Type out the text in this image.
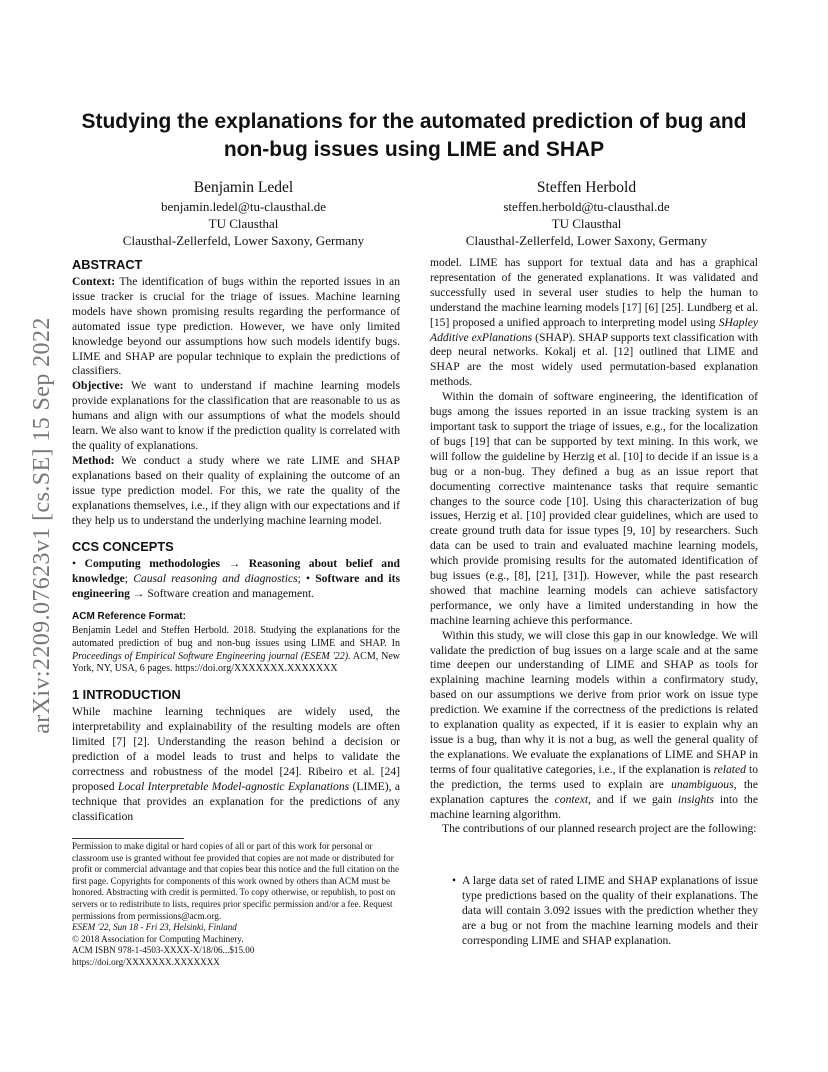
arXiv:2209.07623v1 [cs.SE] 15 Sep 2022
Studying the explanations for the automated prediction of bug and non-bug issues using LIME and SHAP
Benjamin Ledel
benjamin.ledel@tu-clausthal.de
TU Clausthal
Clausthal-Zellerfeld, Lower Saxony, Germany
Steffen Herbold
steffen.herbold@tu-clausthal.de
TU Clausthal
Clausthal-Zellerfeld, Lower Saxony, Germany
ABSTRACT

Context: The identification of bugs within the reported issues in an issue tracker is crucial for the triage of issues. Machine learning models have shown promising results regarding the performance of automated issue type prediction. However, we have only limited knowledge beyond our assumptions how such models identify bugs. LIME and SHAP are popular technique to explain the predictions of classifiers.

Objective: We want to understand if machine learning models provide explanations for the classification that are reasonable to us as humans and align with our assumptions of what the models should learn. We also want to know if the prediction quality is correlated with the quality of explanations.

Method: We conduct a study where we rate LIME and SHAP explanations based on their quality of explaining the outcome of an issue type prediction model. For this, we rate the quality of the explanations themselves, i.e., if they align with our expectations and if they help us to understand the underlying machine learning model.

CCS CONCEPTS

• Computing methodologies → Reasoning about belief and knowledge; Causal reasoning and diagnostics; • Software and its engineering → Software creation and management.

ACM Reference Format:

Benjamin Ledel and Steffen Herbold. 2018. Studying the explanations for the automated prediction of bug and non-bug issues using LIME and SHAP. In Proceedings of Empirical Software Engineering journal (ESEM '22). ACM, New York, NY, USA, 6 pages. https://doi.org/XXXXXXX.XXXXXXX

1 INTRODUCTION

While machine learning techniques are widely used, the interpretability and explainability of the resulting models are often limited [7] [2]. Understanding the reason behind a decision or prediction of a model leads to trust and helps to validate the correctness and robustness of the model [24]. Ribeiro et al. [24] proposed Local Interpretable Model-agnostic Explanations (LIME), a technique that provides an explanation for the predictions of any classification

Permission to make digital or hard copies of all or part of this work for personal or classroom use is granted without fee provided that copies are not made or distributed for profit or commercial advantage and that copies bear this notice and the full citation on the first page. Copyrights for components of this work owned by others than ACM must be honored. Abstracting with credit is permitted. To copy otherwise, or republish, to post on servers or to redistribute to lists, requires prior specific permission and/or a fee. Request permissions from permissions@acm.org.
ESEM '22, Sun 18 - Fri 23, Helsinki, Finland
© 2018 Association for Computing Machinery.
ACM ISBN 978-1-4503-XXXX-X/18/06...$15.00
https://doi.org/XXXXXXX.XXXXXXX

model. LIME has support for textual data and has a graphical representation of the generated explanations. It was validated and successfully used in several user studies to help the human to understand the machine learning models [17] [6] [25]. Lundberg et al. [15] proposed a unified approach to interpreting model using SHapley Additive exPlanations (SHAP). SHAP supports text classification with deep neural networks. Kokalj et al. [12] outlined that LIME and SHAP are the most widely used permutation-based explanation methods.

Within the domain of software engineering, the identification of bugs among the issues reported in an issue tracking system is an important task to support the triage of issues, e.g., for the localization of bugs [19] that can be supported by text mining. In this work, we will follow the guideline by Herzig et al. [10] to decide if an issue is a bug or a non-bug. They defined a bug as an issue report that documenting corrective maintenance tasks that require semantic changes to the source code [10]. Using this characterization of bug issues, Herzig et al. [10] provided clear guidelines, which are used to create ground truth data for issue types [9, 10] by researchers. Such data can be used to train and evaluated machine learning models, which provide promising results for the automated identification of bug issues (e.g., [8], [21], [31]). However, while the past research showed that machine learning models can achieve satisfactory performance, we only have a limited understanding in how the machine learning achieve this performance.

Within this study, we will close this gap in our knowledge. We will validate the prediction of bug issues on a large scale and at the same time deepen our understanding of LIME and SHAP as tools for explaining machine learning models within a confirmatory study, based on our assumptions we derive from prior work on issue type prediction. We examine if the correctness of the predictions is related to explanation quality as expected, if it is easier to explain why an issue is a bug, than why it is not a bug, as well the general quality of the explanations. We evaluate the explanations of LIME and SHAP in terms of four qualitative categories, i.e., if the explanation is related to the prediction, the terms used to explain are unambiguous, the explanation captures the context, and if we gain insights into the machine learning algorithm.

The contributions of our planned research project are the following:

• A large data set of rated LIME and SHAP explanations of issue type predictions based on the quality of their explanations. The data will contain 3.092 issues with the prediction whether they are a bug or not from the machine learning models and their corresponding LIME and SHAP explanation.
